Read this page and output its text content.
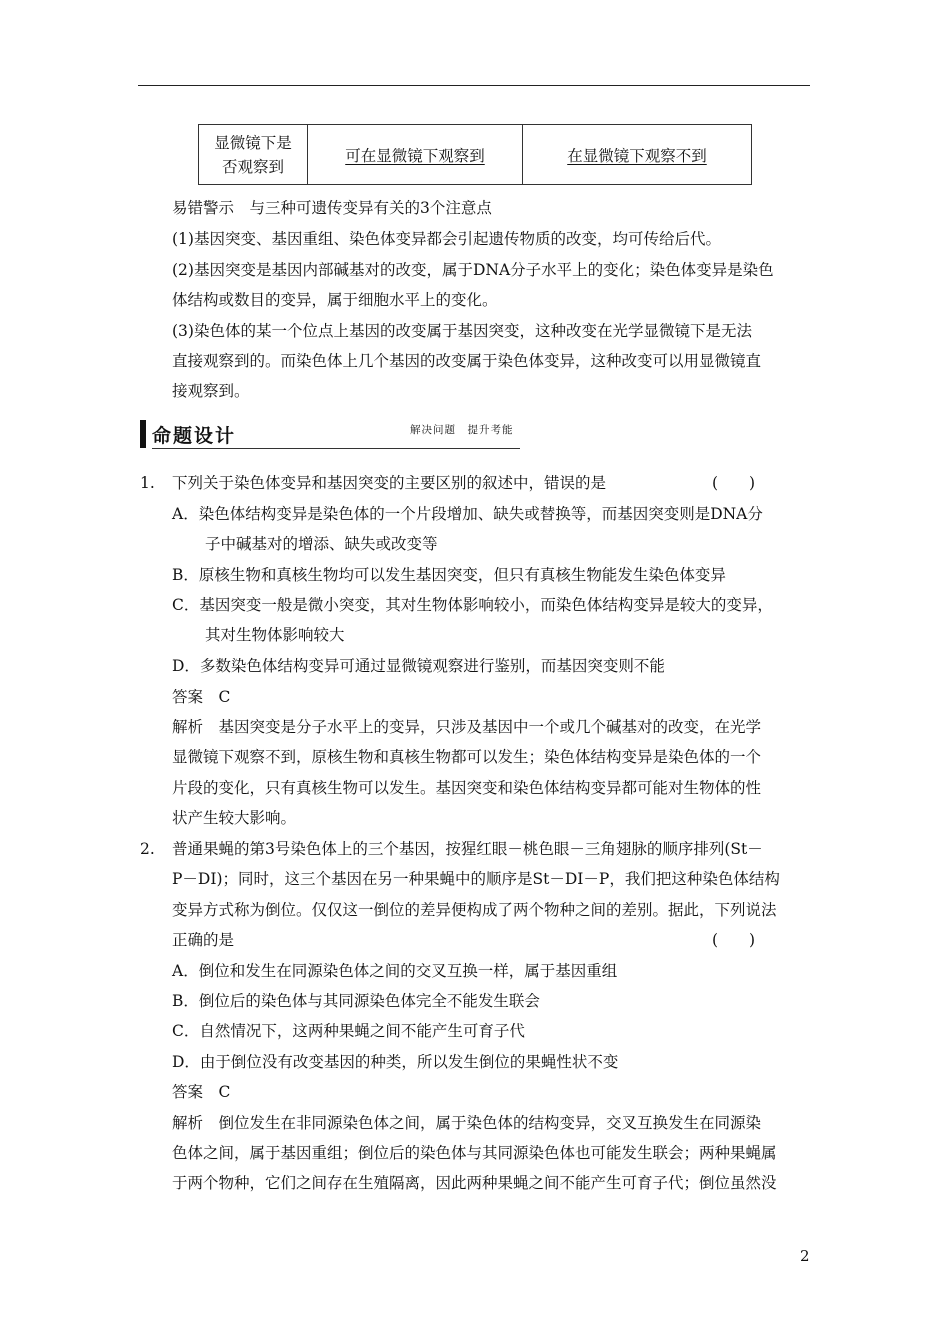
显微镜下是
否观察到	可在显微镜下观察到	在显微镜下观察不到
易错警示　与三种可遗传变异有关的3个注意点
(1)基因突变、基因重组、染色体变异都会引起遗传物质的改变，均可传给后代。
(2)基因突变是基因内部碱基对的改变，属于DNA分子水平上的变化；染色体变异是染色
体结构或数目的变异，属于细胞水平上的变化。
(3)染色体的某一个位点上基因的改变属于基因突变，这种改变在光学显微镜下是无法
直接观察到的。而染色体上几个基因的改变属于染色体变异，这种改变可以用显微镜直
接观察到。
命题设计	解决问题　提升考能
1. 下列关于染色体变异和基因突变的主要区别的叙述中，错误的是	(　　)
A．染色体结构变异是染色体的一个片段增加、缺失或替换等，而基因突变则是DNA分
子中碱基对的增添、缺失或改变等
B．原核生物和真核生物均可以发生基因突变，但只有真核生物能发生染色体变异
C．基因突变一般是微小突变，其对生物体影响较小，而染色体结构变异是较大的变异，
其对生物体影响较大
D．多数染色体结构变异可通过显微镜观察进行鉴别，而基因突变则不能
答案　C
解析　基因突变是分子水平上的变异，只涉及基因中一个或几个碱基对的改变，在光学
显微镜下观察不到，原核生物和真核生物都可以发生；染色体结构变异是染色体的一个
片段的变化，只有真核生物可以发生。基因突变和染色体结构变异都可能对生物体的性
状产生较大影响。
2. 普通果蝇的第3号染色体上的三个基因，按猩红眼－桃色眼－三角翅脉的顺序排列(St－
P－DI)；同时，这三个基因在另一种果蝇中的顺序是St－DI－P，我们把这种染色体结构
变异方式称为倒位。仅仅这一倒位的差异便构成了两个物种之间的差别。据此，下列说法
正确的是	(　　)
A．倒位和发生在同源染色体之间的交叉互换一样，属于基因重组
B．倒位后的染色体与其同源染色体完全不能发生联会
C．自然情况下，这两种果蝇之间不能产生可育子代
D．由于倒位没有改变基因的种类，所以发生倒位的果蝇性状不变
答案　C
解析　倒位发生在非同源染色体之间，属于染色体的结构变异，交叉互换发生在同源染
色体之间，属于基因重组；倒位后的染色体与其同源染色体也可能发生联会；两种果蝇属
于两个物种，它们之间存在生殖隔离，因此两种果蝇之间不能产生可育子代；倒位虽然没
2
